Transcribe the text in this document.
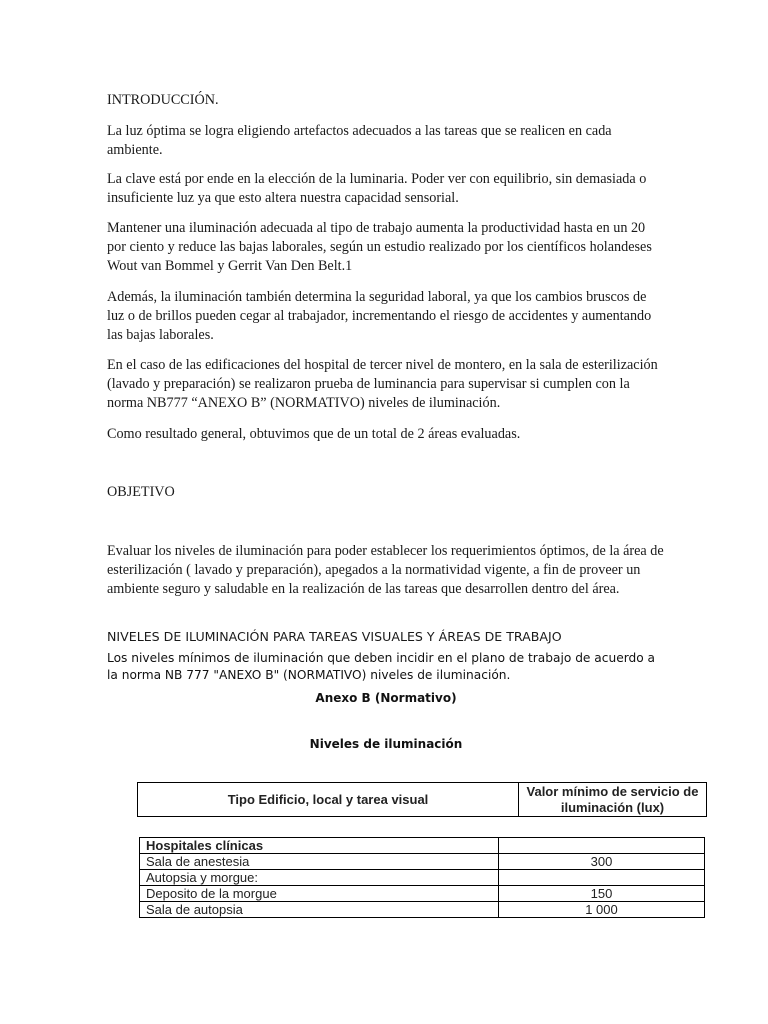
INTRODUCCIÓN.

La luz óptima se logra eligiendo artefactos adecuados a las tareas que se realicen en cada ambiente.

La clave está por ende en la elección de la luminaria. Poder ver con equilibrio, sin demasiada o insuficiente luz ya que esto altera nuestra capacidad sensorial.

Mantener una iluminación adecuada al tipo de trabajo aumenta la productividad hasta en un 20 por ciento y reduce las bajas laborales, según un estudio realizado por los científicos holandeses Wout van Bommel y Gerrit Van Den Belt.1

Además, la iluminación también determina la seguridad laboral, ya que los cambios bruscos de luz o de brillos pueden cegar al trabajador, incrementando el riesgo de accidentes y aumentando las bajas laborales.

En el caso de las edificaciones del hospital de tercer nivel de montero, en la sala de esterilización (lavado y preparación) se realizaron prueba de luminancia para supervisar si cumplen con la norma NB777 “ANEXO B” (NORMATIVO) niveles de iluminación.

Como resultado general, obtuvimos que de un total de 2 áreas evaluadas.

OBJETIVO

Evaluar los niveles de iluminación para poder establecer los requerimientos óptimos, de la área de esterilización ( lavado y preparación), apegados a la normatividad vigente, a fin de proveer un ambiente seguro y saludable en la realización de las tareas que desarrollen dentro del área.

NIVELES DE ILUMINACIÓN PARA TAREAS VISUALES Y ÁREAS DE TRABAJO

Los niveles mínimos de iluminación que deben incidir en el plano de trabajo de acuerdo a la norma NB 777 "ANEXO B" (NORMATIVO) niveles de iluminación.

Anexo B (Normativo)

Niveles de iluminación

Tipo Edificio, local y tarea visual	Valor mínimo de servicio de iluminación (lux)
Hospitales clínicas	
Sala de anestesia	300
Autopsia y morgue:	
Deposito de la morgue	150
Sala de autopsia	1 000
